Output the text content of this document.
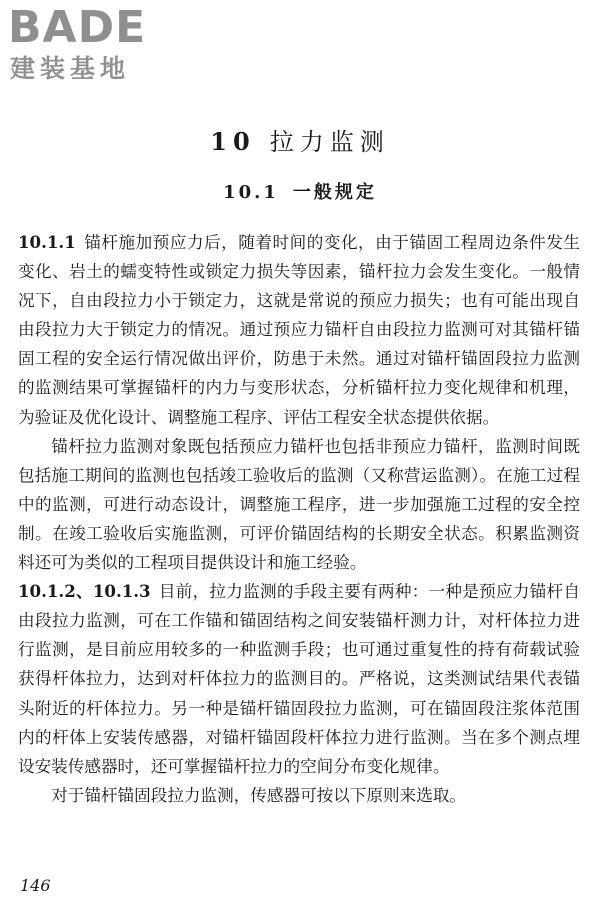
BADE
建装基地
10 拉力监测
10.1 一般规定

10.1.1 锚杆施加预应力后，随着时间的变化，由于锚固工程周边条件发生变化、岩土的蠕变特性或锁定力损失等因素，锚杆拉力会发生变化。一般情况下，自由段拉力小于锁定力，这就是常说的预应力损失；也有可能出现自由段拉力大于锁定力的情况。通过预应力锚杆自由段拉力监测可对其锚杆锚固工程的安全运行情况做出评价，防患于未然。通过对锚杆锚固段拉力监测的监测结果可掌握锚杆的内力与变形状态，分析锚杆拉力变化规律和机理，为验证及优化设计、调整施工程序、评估工程安全状态提供依据。

锚杆拉力监测对象既包括预应力锚杆也包括非预应力锚杆，监测时间既包括施工期间的监测也包括竣工验收后的监测（又称营运监测）。在施工过程中的监测，可进行动态设计，调整施工程序，进一步加强施工过程的安全控制。在竣工验收后实施监测，可评价锚固结构的长期安全状态。积累监测资料还可为类似的工程项目提供设计和施工经验。

10.1.2、10.1.3 目前，拉力监测的手段主要有两种：一种是预应力锚杆自由段拉力监测，可在工作锚和锚固结构之间安装锚杆测力计，对杆体拉力进行监测，是目前应用较多的一种监测手段；也可通过重复性的持有荷载试验获得杆体拉力，达到对杆体拉力的监测目的。严格说，这类测试结果代表锚头附近的杆体拉力。另一种是锚杆锚固段拉力监测，可在锚固段注浆体范围内的杆体上安装传感器，对锚杆锚固段杆体拉力进行监测。当在多个测点埋设安装传感器时，还可掌握锚杆拉力的空间分布变化规律。

对于锚杆锚固段拉力监测，传感器可按以下原则来选取。

146
